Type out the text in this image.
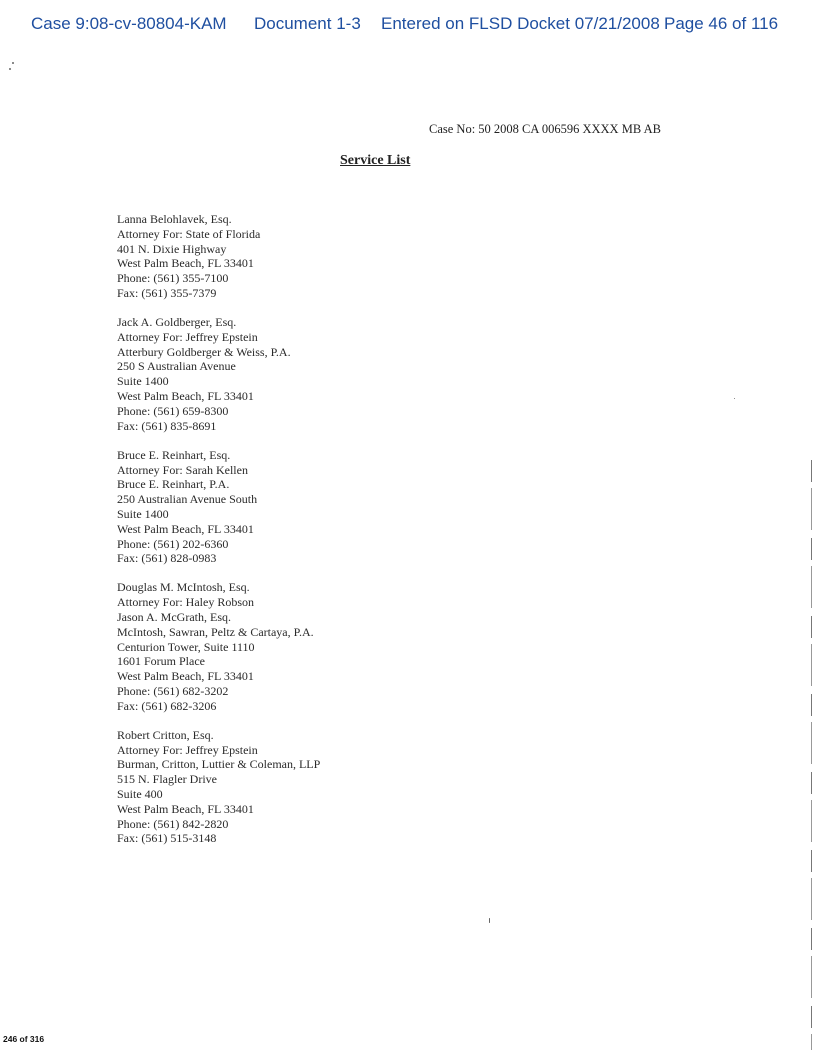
Case 9:08-cv-80804-KAM Document 1-3 Entered on FLSD Docket 07/21/2008 Page 46 of 116
Case No: 50 2008 CA 006596 XXXX MB AB
Service List
Lanna Belohlavek, Esq.
Attorney For: State of Florida
401 N. Dixie Highway
West Palm Beach, FL 33401
Phone: (561) 355-7100
Fax: (561) 355-7379
Jack A. Goldberger, Esq.
Attorney For: Jeffrey Epstein
Atterbury Goldberger & Weiss, P.A.
250 S Australian Avenue
Suite 1400
West Palm Beach, FL 33401
Phone: (561) 659-8300
Fax: (561) 835-8691
Bruce E. Reinhart, Esq.
Attorney For: Sarah Kellen
Bruce E. Reinhart, P.A.
250 Australian Avenue South
Suite 1400
West Palm Beach, FL 33401
Phone: (561) 202-6360
Fax: (561) 828-0983
Douglas M. McIntosh, Esq.
Attorney For: Haley Robson
Jason A. McGrath, Esq.
McIntosh, Sawran, Peltz & Cartaya, P.A.
Centurion Tower, Suite 1110
1601 Forum Place
West Palm Beach, FL 33401
Phone: (561) 682-3202
Fax: (561) 682-3206
Robert Critton, Esq.
Attorney For: Jeffrey Epstein
Burman, Critton, Luttier & Coleman, LLP
515 N. Flagler Drive
Suite 400
West Palm Beach, FL 33401
Phone: (561) 842-2820
Fax: (561) 515-3148
246 of 316
